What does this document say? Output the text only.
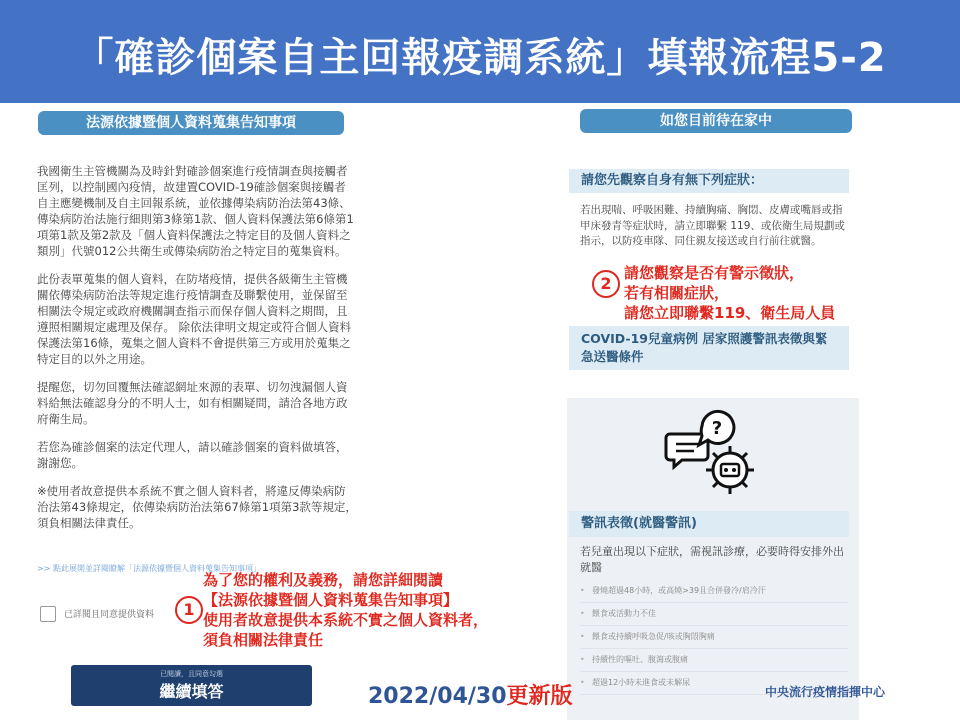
「確診個案自主回報疫調系統」填報流程5-2
法源依據暨個人資料蒐集告知事項

我國衛生主管機關為及時針對確診個案進行疫情調查與接觸者匡列，以控制國內疫情，故建置COVID-19確診個案與接觸者自主應變機制及自主回報系統，並依據傳染病防治法第43條、傳染病防治法施行細則第3條第1款、個人資料保護法第6條第1項第1款及第2款及「個人資料保護法之特定目的及個人資料之類別」代號012公共衛生或傳染病防治之特定目的蒐集資料。

此份表單蒐集的個人資料，在防堵疫情，提供各級衛生主管機關依傳染病防治法等規定進行疫情調查及聯繫使用，並保留至相關法令規定或政府機關調查指示而保存個人資料之期間，且遵照相關規定處理及保存。 除依法律明文規定或符合個人資料保護法第16條，蒐集之個人資料不會提供第三方或用於蒐集之特定目的以外之用途。

提醒您，切勿回覆無法確認網址來源的表單、切勿洩漏個人資料給無法確認身分的不明人士，如有相關疑問，請洽各地方政府衛生局。

若您為確診個案的法定代理人，請以確診個案的資料做填答，謝謝您。

※使用者故意提供本系統不實之個人資料者，將違反傳染病防治法第43條規定，依傳染病防治法第67條第1項第3款等規定，須負相關法律責任。

>> 點此展開並詳閱瞭解「法源依據暨個人資料蒐集告知事項」
已詳閱且同意提供資料
已閱讀，且同意勾選
繼續填答
1
為了您的權利及義務，請您詳細閱讀
【法源依據暨個人資料蒐集告知事項】
使用者故意提供本系統不實之個人資料者，
須負相關法律責任
如您目前待在家中
請您先觀察自身有無下列症狀：
若出現喘、呼吸困難、持續胸痛、胸悶、皮膚或嘴唇或指甲床發青等症狀時，請立即聯繫 119、或依衛生局規劃或指示，以防疫車隊、同住親友接送或自行前往就醫。
2
請您觀察是否有警示徵狀，
若有相關症狀，
請您立即聯繫119、衛生局人員
COVID-19兒童病例 居家照護警訊表徵與緊急送醫條件
?
警訊表徵(就醫警訊)
若兒童出現以下症狀，需視訊診療，必要時得安排外出就醫
• 發燒超過48小時，或高燒>39且合併發冷/肩冷汗
• 餵食或活動力不佳
• 餵食或持續呼吸急促/咳或胸悶胸痛
• 持續性的嘔吐、腹瀉或腹痛
• 超過12小時未進食或未解尿
2022/04/30更新版	中央流行疫情指揮中心
